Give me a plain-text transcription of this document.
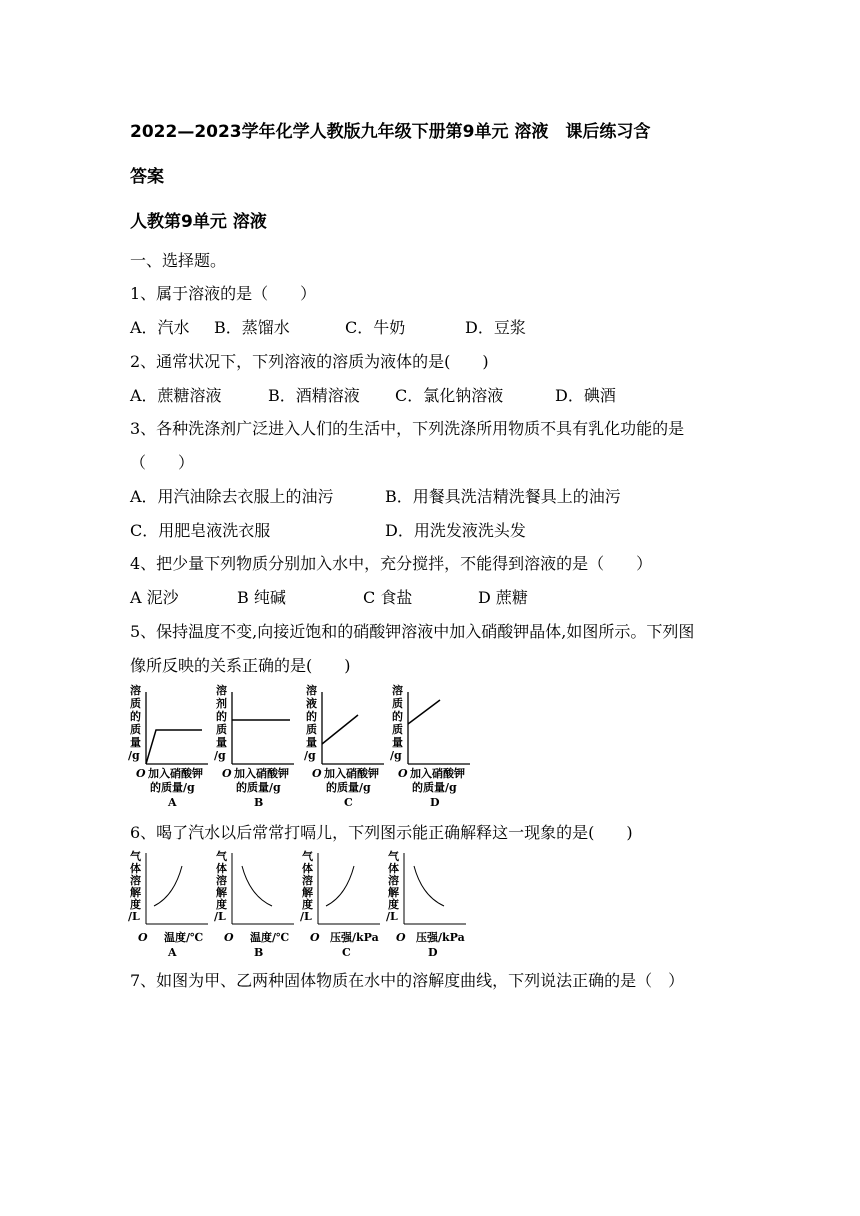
2022—2023学年化学人教版九年级下册第9单元 溶液　课后练习含
答案
人教第9单元 溶液
一、选择题。
1、属于溶液的是（　　）
A．汽水 B．蒸馏水	C．牛奶	D．豆浆
2、通常状况下，下列溶液的溶质为液体的是(　　)
A．蔗糖溶液	B．酒精溶液 C．氯化钠溶液	D．碘酒
3、各种洗涤剂广泛进入人们的生活中，下列洗涤所用物质不具有乳化功能的是
（　　）
A．用汽油除去衣服上的油污	B．用餐具洗洁精洗餐具上的油污
C．用肥皂液洗衣服	D．用洗发液洗头发
4、把少量下列物质分别加入水中，充分搅拌，不能得到溶液的是（　　）
A 泥沙	B 纯碱	C 食盐	D 蔗糖
5、保持温度不变,向接近饱和的硝酸钾溶液中加入硝酸钾晶体,如图所示。下列图
像所反映的关系正确的是(　　)
溶
质
的
质
量
/g
O 加入硝酸钾
的质量/g
A
溶
剂
的
质
量
/g
O 加入硝酸钾
的质量/g
B
溶
液
的
质
量
/g
O 加入硝酸钾
的质量/g
C
溶
质
的
质
量
/g
O 加入硝酸钾
的质量/g
D
6、喝了汽水以后常常打嗝儿，下列图示能正确解释这一现象的是(　　)
气
体
溶
解
度
/L
O 温度/℃
A
气
体
溶
解
度
/L
O 温度/℃
B
气
体
溶
解
度
/L
O 压强/kPa
C
气
体
溶
解
度
/L
O 压强/kPa
D
7、如图为甲、乙两种固体物质在水中的溶解度曲线，下列说法正确的是（　）
